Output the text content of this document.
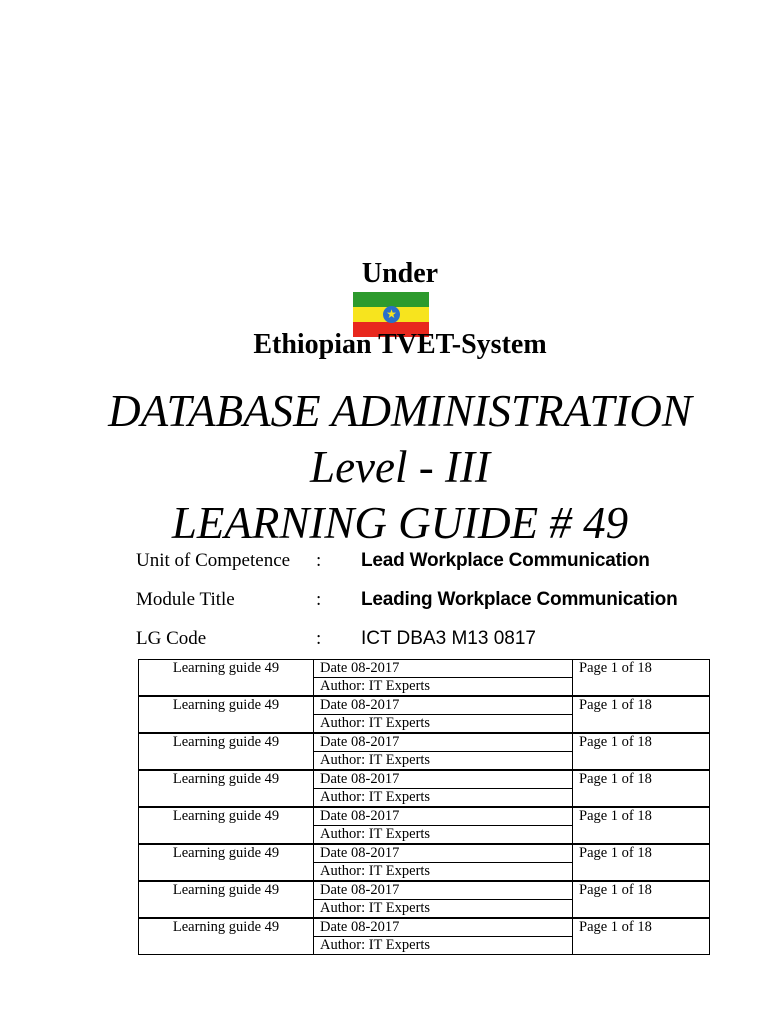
Under
★
Ethiopian TVET-System
DATABASE ADMINISTRATION
Level - III
LEARNING GUIDE # 49
Unit of Competence : Lead Workplace Communication
Module Title	: Leading Workplace Communication
LG Code	: ICT DBA3 M13 0817
Learning guide 49	Date 08-2017	Page 1 of 18
	Author: IT Experts	
Learning guide 49	Date 08-2017	Page 1 of 18
	Author: IT Experts	
Learning guide 49	Date 08-2017	Page 1 of 18
	Author: IT Experts	
Learning guide 49	Date 08-2017	Page 1 of 18
	Author: IT Experts	
Learning guide 49	Date 08-2017	Page 1 of 18
	Author: IT Experts	
Learning guide 49	Date 08-2017	Page 1 of 18
	Author: IT Experts	
Learning guide 49	Date 08-2017	Page 1 of 18
	Author: IT Experts	
Learning guide 49	Date 08-2017	Page 1 of 18
	Author: IT Experts	
